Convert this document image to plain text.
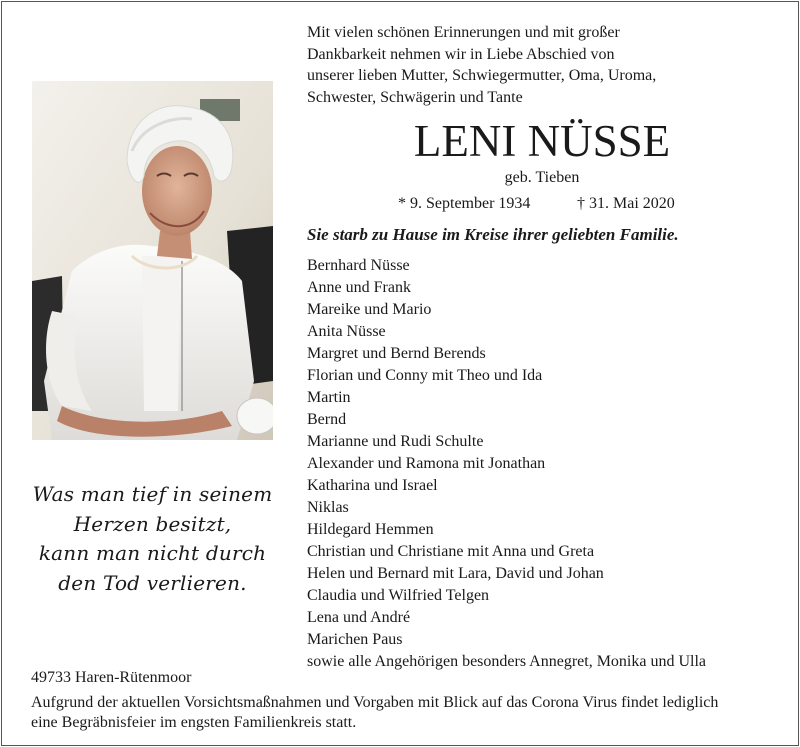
Mit vielen schönen Erinnerungen und mit großer
Dankbarkeit nehmen wir in Liebe Abschied von
unserer lieben Mutter, Schwiegermutter, Oma, Uroma,
Schwester, Schwägerin und Tante
LENI NÜSSE
geb. Tieben
* 9. September 1934	† 31. Mai 2020
Sie starb zu Hause im Kreise ihrer geliebten Familie.
Bernhard Nüsse
Anne und Frank
Mareike und Mario
Anita Nüsse
Margret und Bernd Berends
Florian und Conny mit Theo und Ida
Martin
Bernd
Marianne und Rudi Schulte
Alexander und Ramona mit Jonathan
Katharina und Israel
Niklas
Hildegard Hemmen
Christian und Christiane mit Anna und Greta
Helen und Bernard mit Lara, David und Johan
Claudia und Wilfried Telgen
Lena und André
Marichen Paus
sowie alle Angehörigen besonders Annegret, Monika und Ulla
Was man tief in seinem
Herzen besitzt,
kann man nicht durch
den Tod verlieren.
49733 Haren-Rütenmoor
Aufgrund der aktuellen Vorsichtsmaßnahmen und Vorgaben mit Blick auf das Corona Virus findet lediglich
eine Begräbnisfeier im engsten Familienkreis statt.
